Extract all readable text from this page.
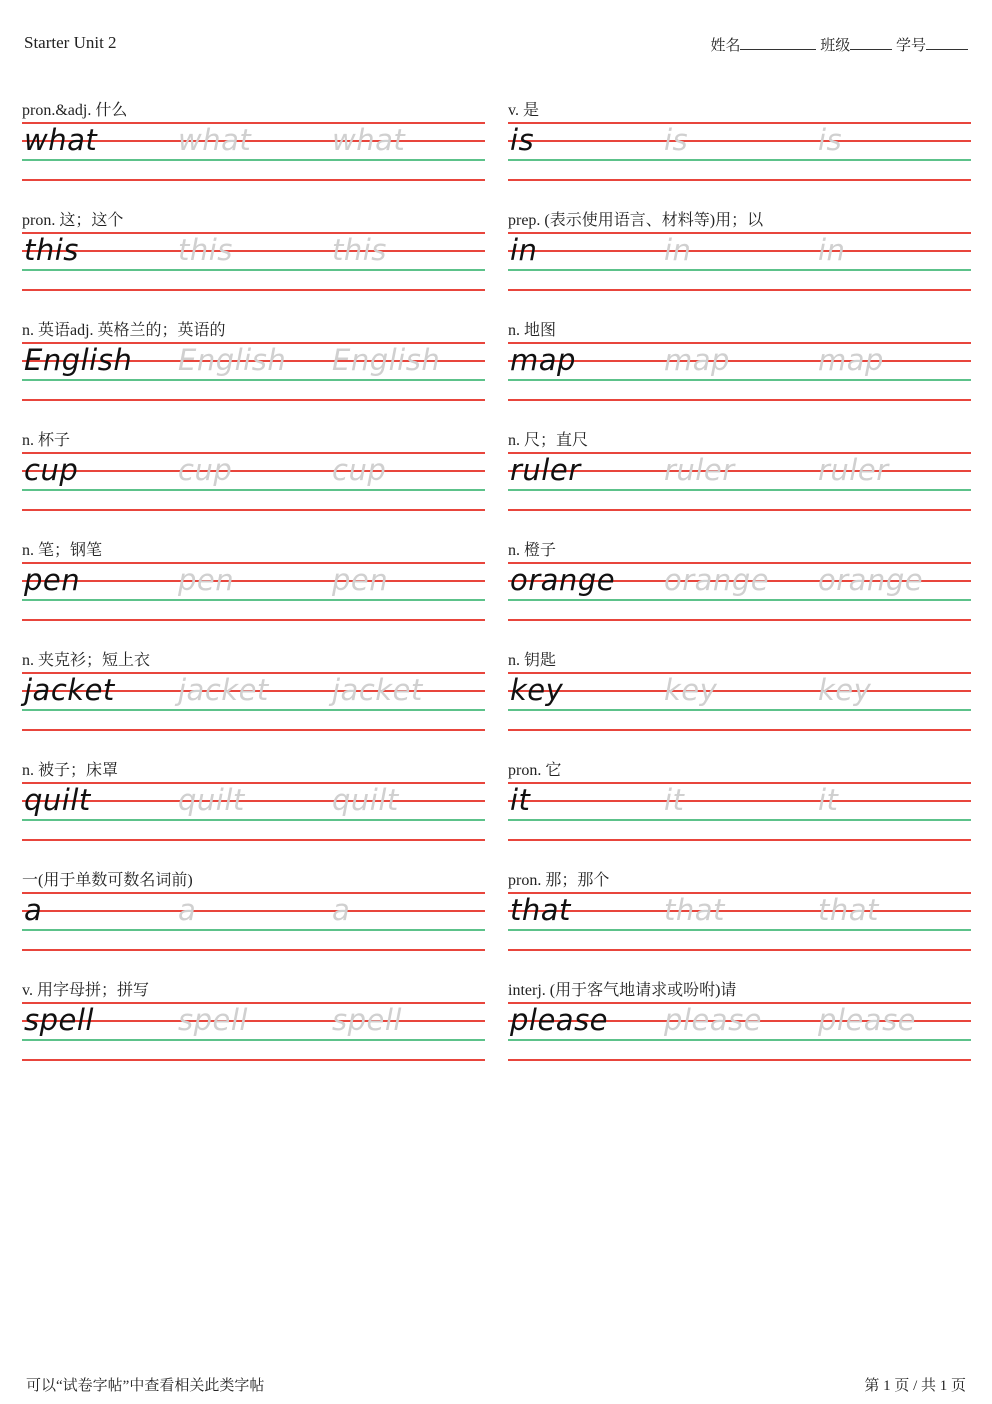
Starter Unit 2	姓名	班级	学号
pron.&adj. 什么
what	what	what
pron. 这；这个
this	this	this
n. 英语adj. 英格兰的；英语的
English English English
n. 杯子
cup	cup	cup
n. 笔；钢笔
pen	pen	pen
n. 夹克衫；短上衣
jacket jacket jacket
n. 被子；床罩
quilt	quilt	quilt
一(用于单数可数名词前)
a	a	a
v. 用字母拼；拼写
spell	spell	spell
v. 是
is	is	is
prep. (表示使用语言、材料等)用；以
in	in	in
n. 地图
map	map	map
n. 尺；直尺
ruler	ruler	ruler
n. 橙子
orange orange orange
n. 钥匙
key	key	key
pron. 它
it	it	it
pron. 那；那个
that	that	that
interj. (用于客气地请求或吩咐)请
please please please
可以“试卷字帖”中查看相关此类字帖	第 1 页 / 共 1 页
